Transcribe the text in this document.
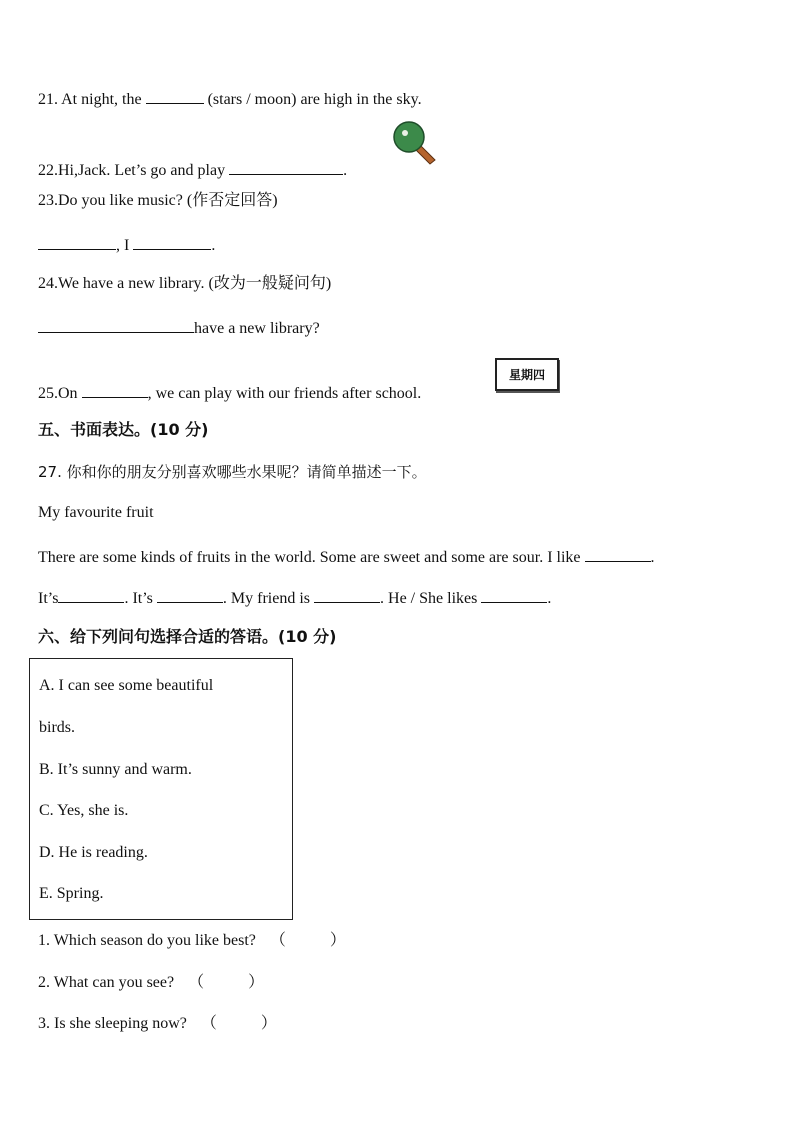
21. At night, the	(stars / moon) are high in the sky.
22.Hi,Jack. Let’s go and play	.
23.Do you like music? (作否定回答)
, I	.
24.We have a new library. (改为一般疑问句)
have a new library?
25.On	, we can play with our friends after school.
星期四
五、书面表达。(10 分)
27. 你和你的朋友分别喜欢哪些水果呢？请简单描述一下。
My favourite fruit
There are some kinds of fruits in the world. Some are sweet and some are sour. I like	.
It’s	. It’s	. My friend is	. He / She likes	.
六、给下列问句选择合适的答语。(10 分)
A. I can see some beautiful
birds.
B. It’s sunny and warm.
C. Yes, she is.
D. He is reading.
E. Spring.
1. Which season do you like best? （	）
2. What can you see? （	）
3. Is she sleeping now? （	）
